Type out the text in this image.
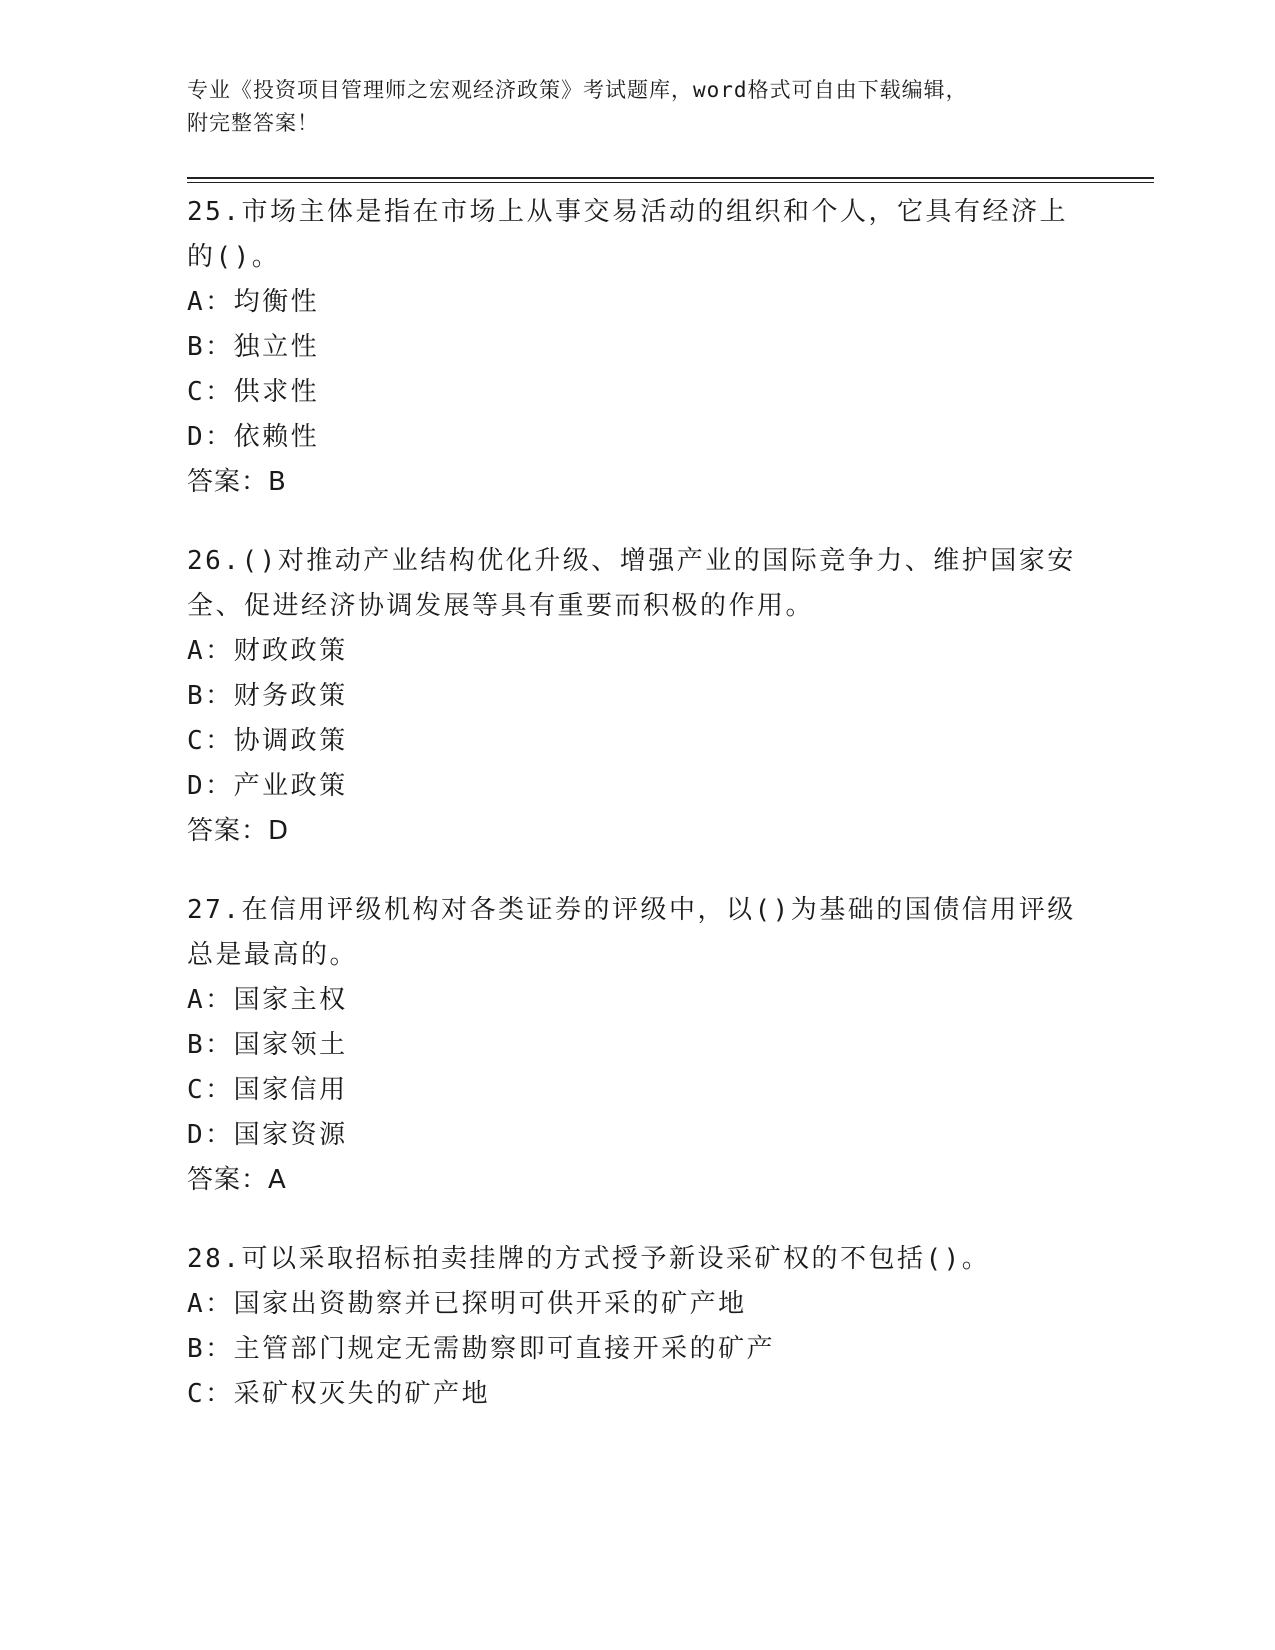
专业《投资项目管理师之宏观经济政策》考试题库，word格式可自由下载编辑，
附完整答案！

25.市场主体是指在市场上从事交易活动的组织和个人，它具有经济上的()。

A：均衡性

B：独立性

C：供求性

D：依赖性

答案：B

26.()对推动产业结构优化升级、增强产业的国际竞争力、维护国家安全、促进经济协调发展等具有重要而积极的作用。

A：财政政策

B：财务政策

C：协调政策

D：产业政策

答案：D

27.在信用评级机构对各类证券的评级中，以()为基础的国债信用评级总是最高的。

A：国家主权

B：国家领土

C：国家信用

D：国家资源

答案：A

28.可以采取招标拍卖挂牌的方式授予新设采矿权的不包括()。

A：国家出资勘察并已探明可供开采的矿产地

B：主管部门规定无需勘察即可直接开采的矿产

C：采矿权灭失的矿产地
